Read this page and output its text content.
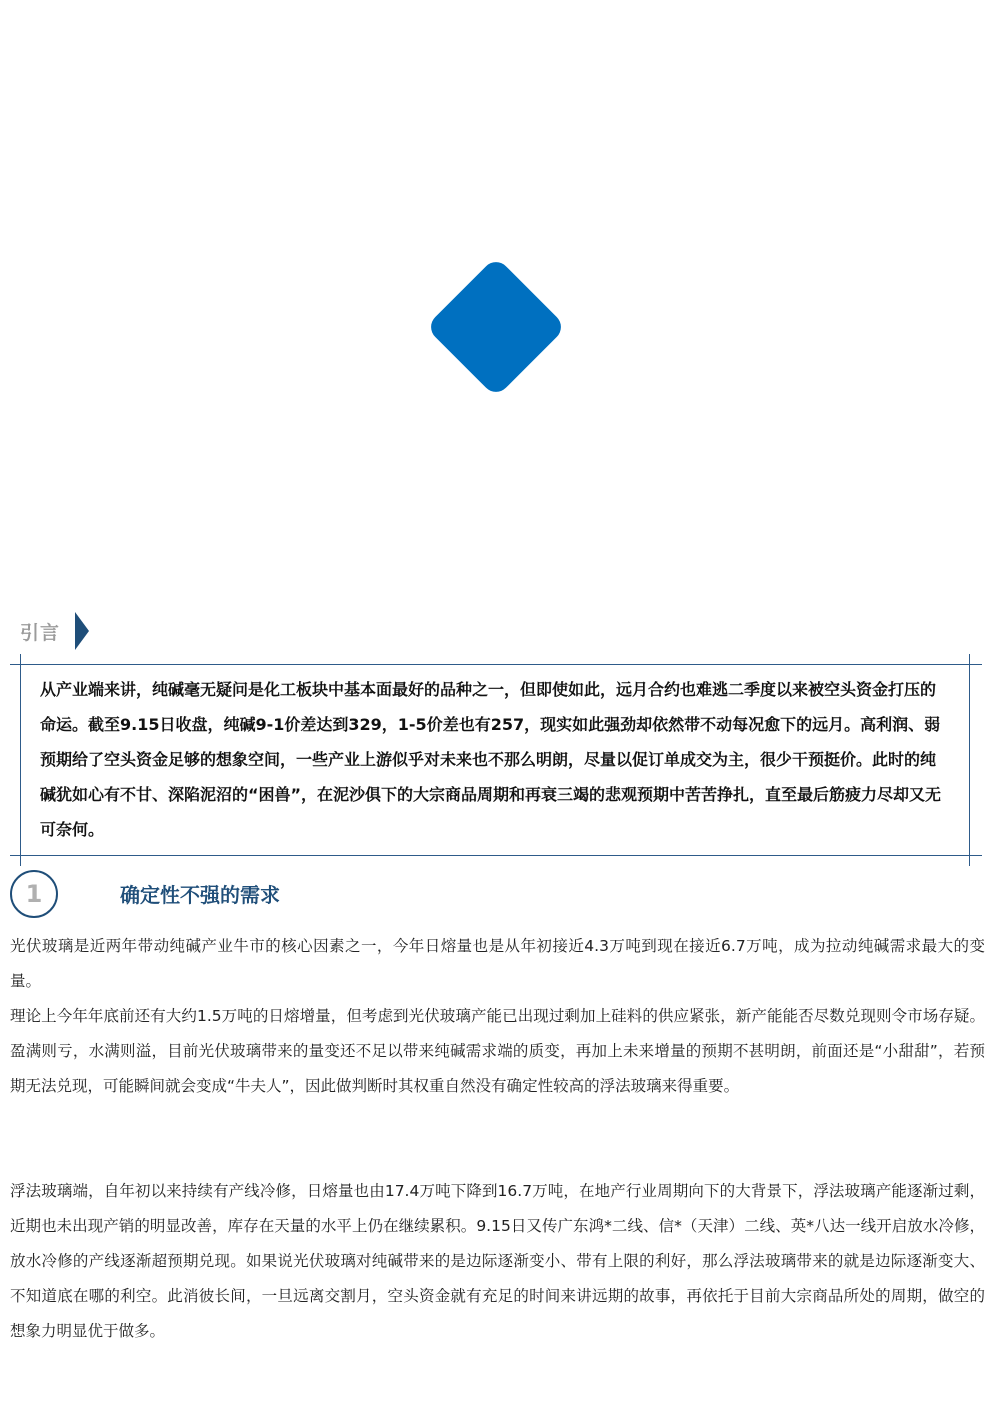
引言
从产业端来讲，纯碱毫无疑问是化工板块中基本面最好的品种之一，但即使如此，远月合约也难逃二季度以来被空头资金打压的命运。截至9.15日收盘，纯碱9-1价差达到329，1-5价差也有257，现实如此强劲却依然带不动每况愈下的远月。高利润、弱预期给了空头资金足够的想象空间，一些产业上游似乎对未来也不那么明朗，尽量以促订单成交为主，很少干预挺价。此时的纯碱犹如心有不甘、深陷泥沼的“困兽”，在泥沙俱下的大宗商品周期和再衰三竭的悲观预期中苦苦挣扎，直至最后筋疲力尽却又无可奈何。
1	确定性不强的需求

光伏玻璃是近两年带动纯碱产业牛市的核心因素之一，今年日熔量也是从年初接近4.3万吨到现在接近6.7万吨，成为拉动纯碱需求最大的变量。

理论上今年年底前还有大约1.5万吨的日熔增量，但考虑到光伏玻璃产能已出现过剩加上硅料的供应紧张，新产能能否尽数兑现则令市场存疑。盈满则亏，水满则溢，目前光伏玻璃带来的量变还不足以带来纯碱需求端的质变，再加上未来增量的预期不甚明朗，前面还是“小甜甜”，若预期无法兑现，可能瞬间就会变成“牛夫人”，因此做判断时其权重自然没有确定性较高的浮法玻璃来得重要。

浮法玻璃端，自年初以来持续有产线冷修，日熔量也由17.4万吨下降到16.7万吨，在地产行业周期向下的大背景下，浮法玻璃产能逐渐过剩，近期也未出现产销的明显改善，库存在天量的水平上仍在继续累积。9.15日又传广东鸿*二线、信*（天津）二线、英*八达一线开启放水冷修，放水冷修的产线逐渐超预期兑现。如果说光伏玻璃对纯碱带来的是边际逐渐变小、带有上限的利好，那么浮法玻璃带来的就是边际逐渐变大、不知道底在哪的利空。此消彼长间，一旦远离交割月，空头资金就有充足的时间来讲远期的故事，再依托于目前大宗商品所处的周期，做空的想象力明显优于做多。
